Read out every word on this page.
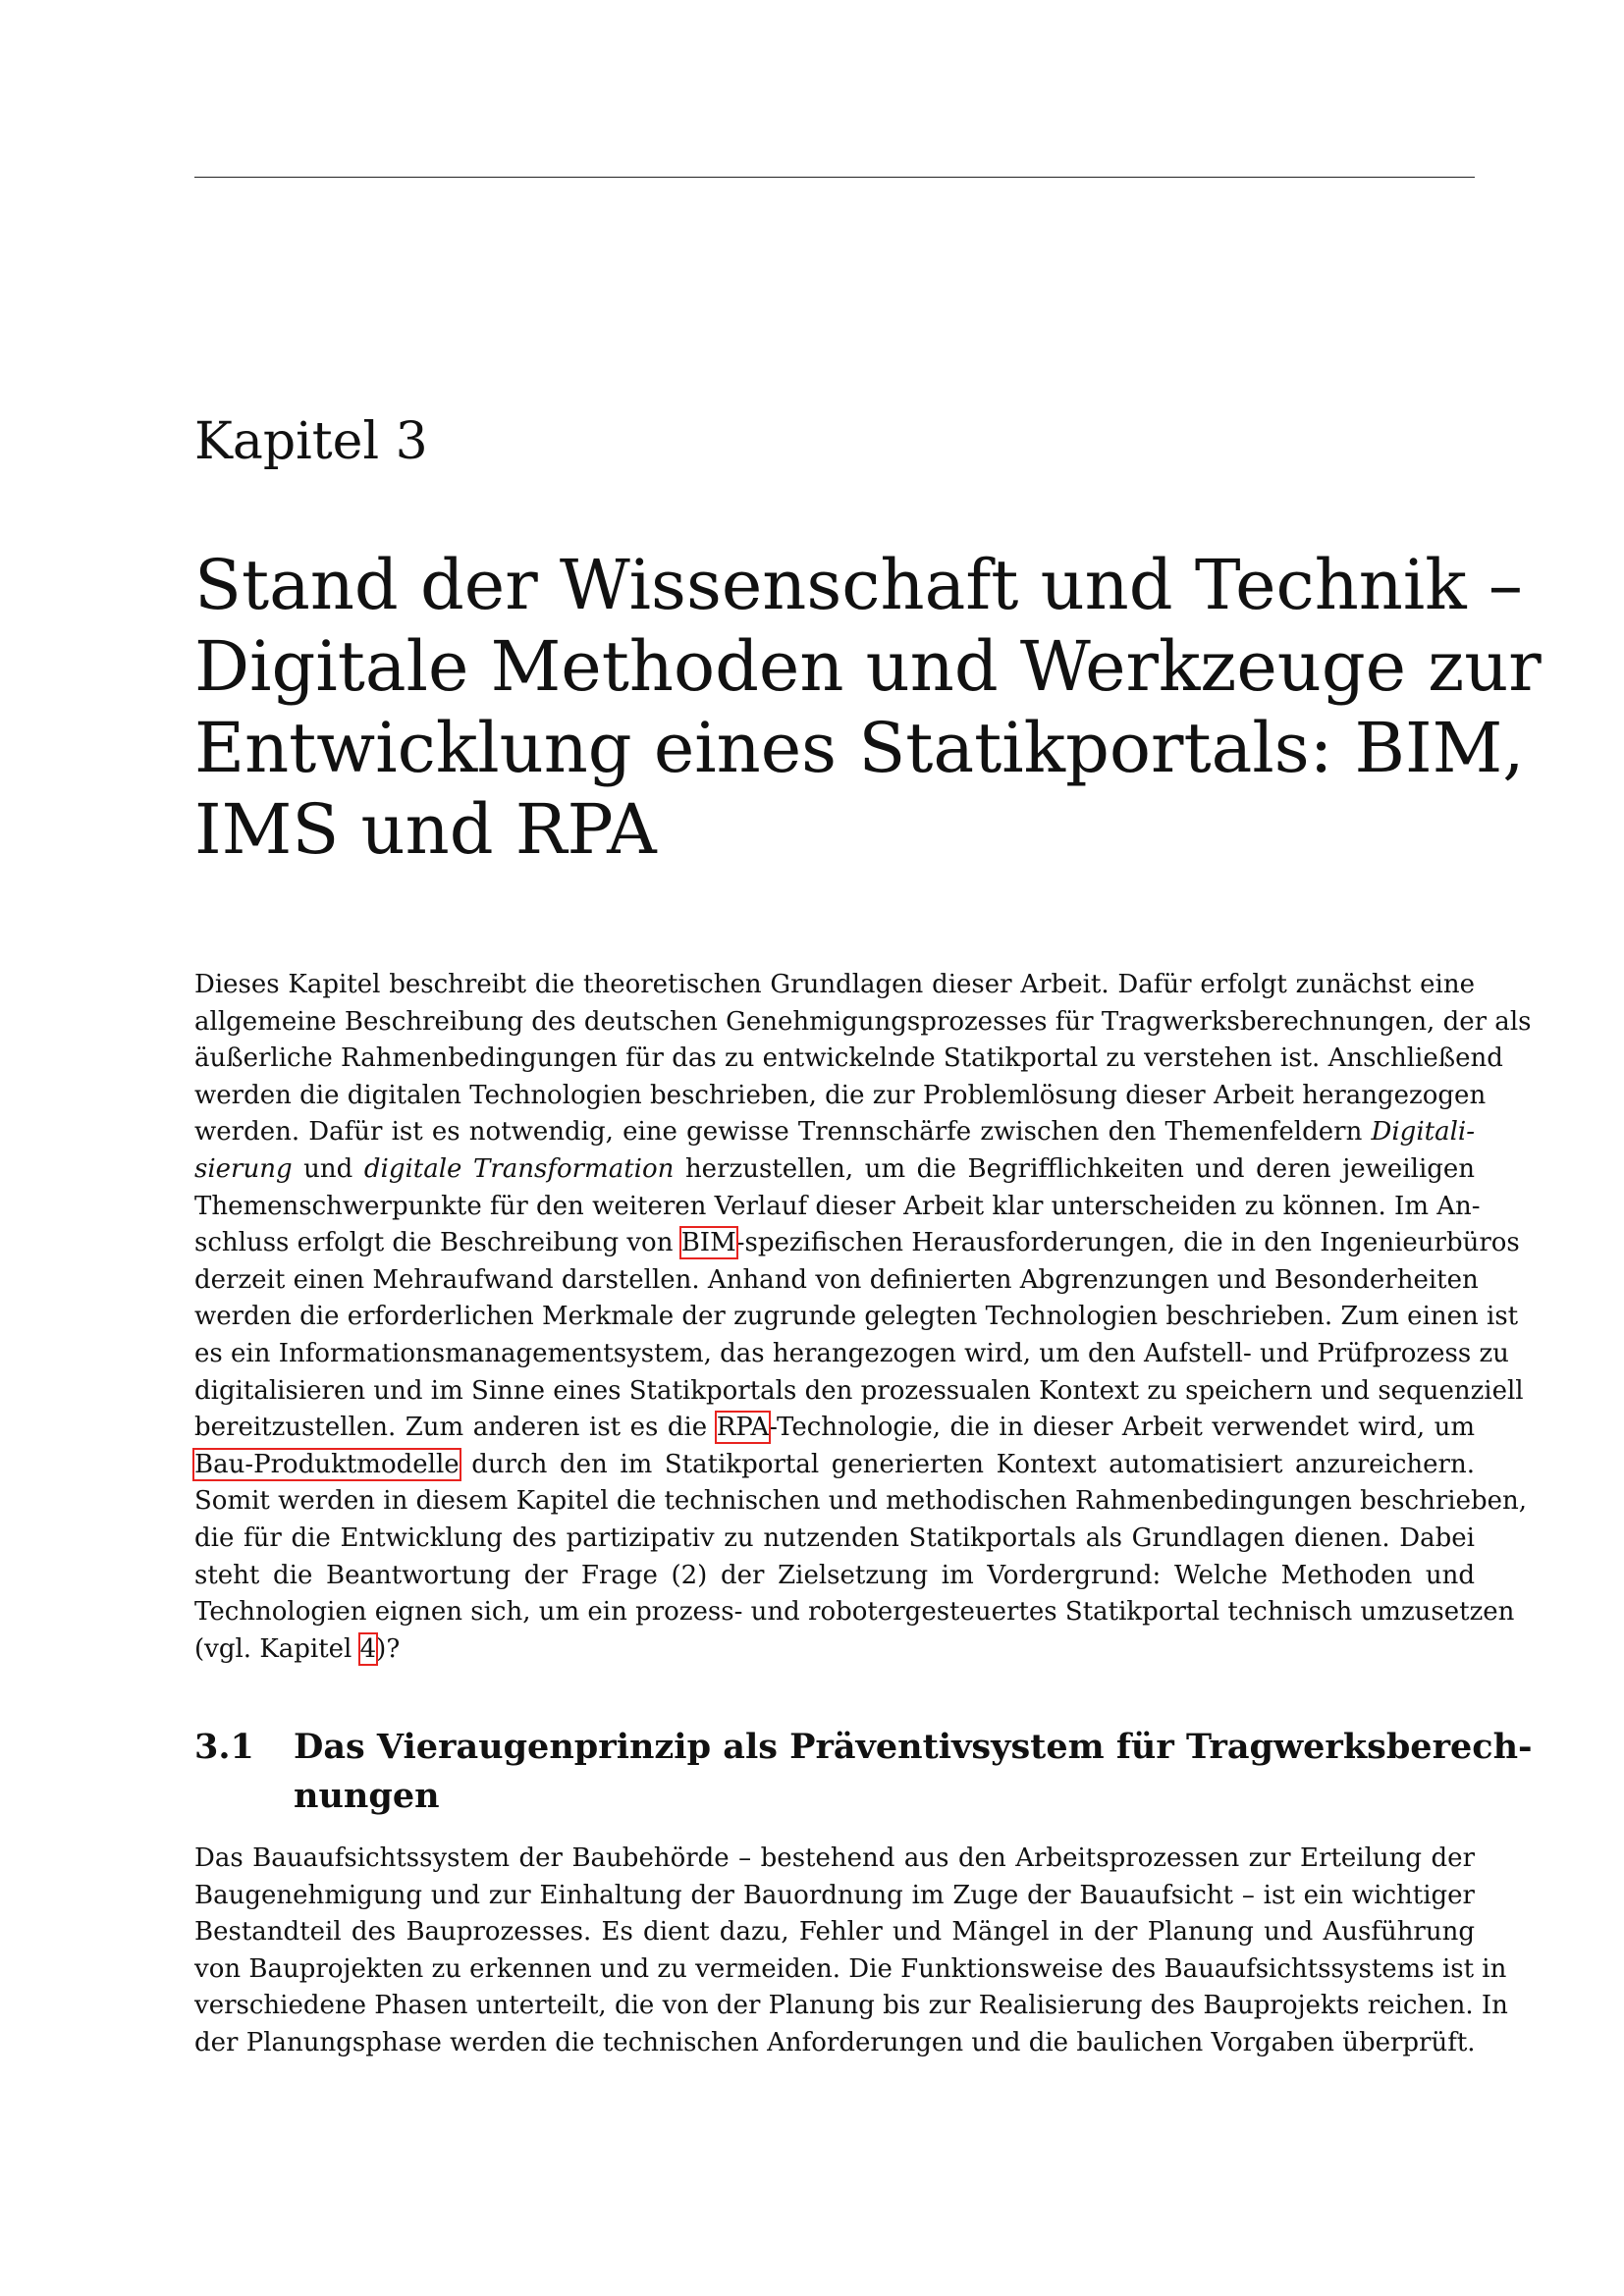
Kapitel 3
Stand der Wissenschaft und Technik –
Digitale Methoden und Werkzeuge zur
Entwicklung eines Statikportals: BIM,
IMS und RPA
Dieses Kapitel beschreibt die theoretischen Grundlagen dieser Arbeit. Dafür erfolgt zunächst eine
allgemeine Beschreibung des deutschen Genehmigungsprozesses für Tragwerksberechnungen, der als
äußerliche Rahmenbedingungen für das zu entwickelnde Statikportal zu verstehen ist. Anschließend
werden die digitalen Technologien beschrieben, die zur Problemlösung dieser Arbeit herangezogen
werden. Dafür ist es notwendig, eine gewisse Trennschärfe zwischen den Themenfeldern Digitali-
sierung und digitale Transformation herzustellen, um die Begrifflichkeiten und deren jeweiligen
Themenschwerpunkte für den weiteren Verlauf dieser Arbeit klar unterscheiden zu können. Im An-
schluss erfolgt die Beschreibung von BIM-spezifischen Herausforderungen, die in den Ingenieurbüros
derzeit einen Mehraufwand darstellen. Anhand von definierten Abgrenzungen und Besonderheiten
werden die erforderlichen Merkmale der zugrunde gelegten Technologien beschrieben. Zum einen ist
es ein Informationsmanagementsystem, das herangezogen wird, um den Aufstell- und Prüfprozess zu
digitalisieren und im Sinne eines Statikportals den prozessualen Kontext zu speichern und sequenziell
bereitzustellen. Zum anderen ist es die RPA-Technologie, die in dieser Arbeit verwendet wird, um
Bau-Produktmodelle durch den im Statikportal generierten Kontext automatisiert anzureichern.
Somit werden in diesem Kapitel die technischen und methodischen Rahmenbedingungen beschrieben,
die für die Entwicklung des partizipativ zu nutzenden Statikportals als Grundlagen dienen. Dabei
steht die Beantwortung der Frage (2) der Zielsetzung im Vordergrund: Welche Methoden und
Technologien eignen sich, um ein prozess- und robotergesteuertes Statikportal technisch umzusetzen
(vgl. Kapitel 4)?
3.1 Das Vieraugenprinzip als Präventivsystem für Tragwerksberech-
nungen
Das Bauaufsichtssystem der Baubehörde – bestehend aus den Arbeitsprozessen zur Erteilung der
Baugenehmigung und zur Einhaltung der Bauordnung im Zuge der Bauaufsicht – ist ein wichtiger
Bestandteil des Bauprozesses. Es dient dazu, Fehler und Mängel in der Planung und Ausführung
von Bauprojekten zu erkennen und zu vermeiden. Die Funktionsweise des Bauaufsichtssystems ist in
verschiedene Phasen unterteilt, die von der Planung bis zur Realisierung des Bauprojekts reichen. In
der Planungsphase werden die technischen Anforderungen und die baulichen Vorgaben überprüft.
